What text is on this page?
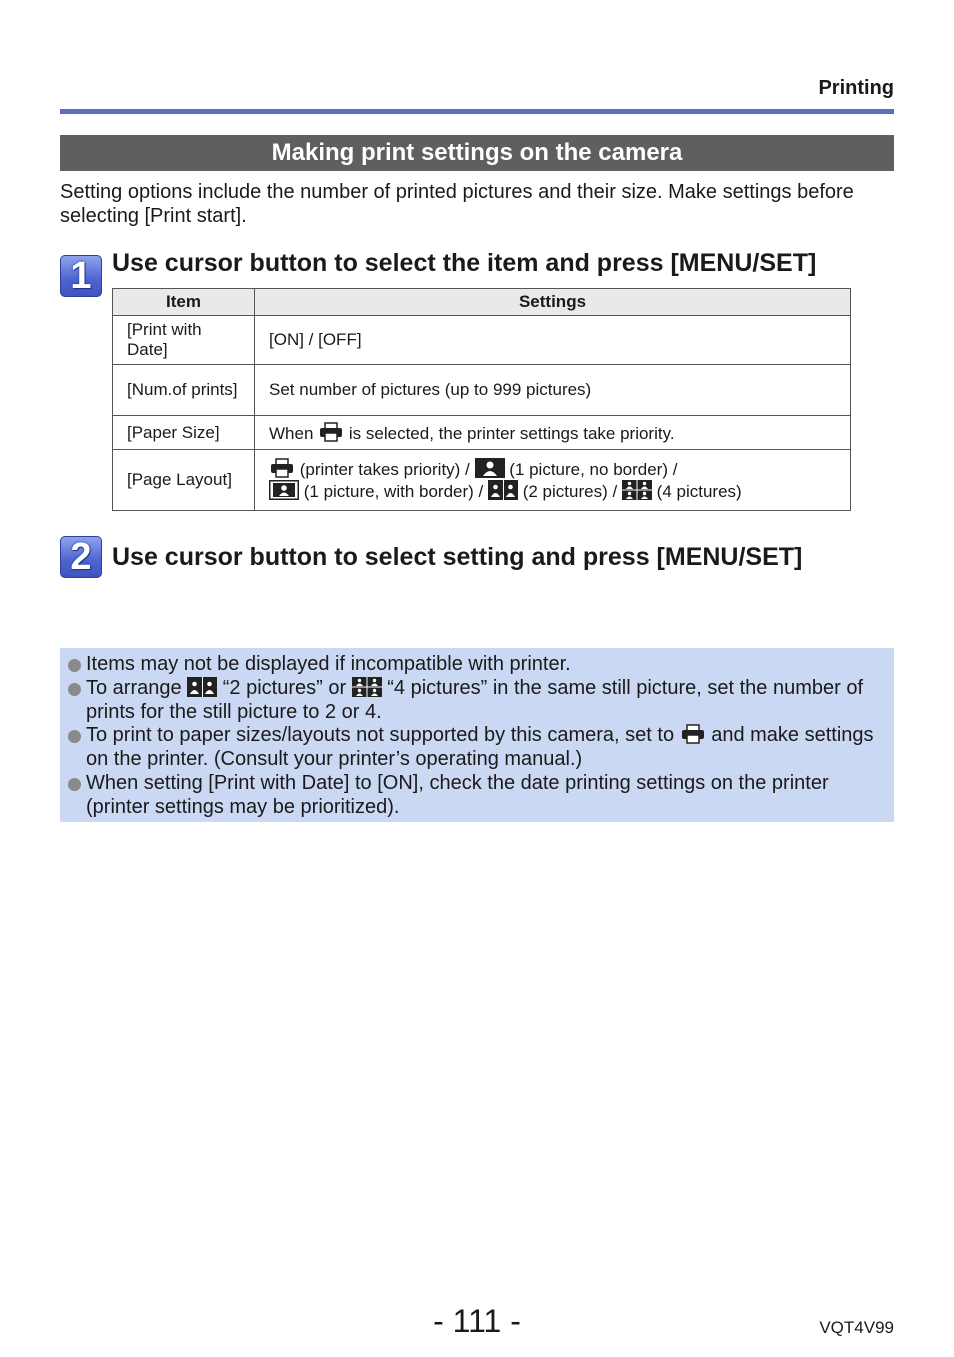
Printing
Making print settings on the camera
Setting options include the number of printed pictures and their size. Make settings before selecting [Print start].
1 Use cursor button to select the item and press [MENU/SET]
Item	Settings
[Print with Date]	[ON] / [OFF]
[Num.of prints]	Set number of pictures (up to 999 pictures)
[Paper Size]	When is selected, the printer settings take priority.
[Page Layout]	(printer takes priority) / (1 picture, no border) /
(1 picture, with border) / (2 pictures) / (4 pictures)
2 Use cursor button to select setting and press [MENU/SET]
Items may not be displayed if incompatible with printer.
To arrange “2 pictures” or “4 pictures” in the same still picture, set the number of prints for the still picture to 2 or 4.
To print to paper sizes/layouts not supported by this camera, set to and make settings on the printer. (Consult your printer’s operating manual.)
When setting [Print with Date] to [ON], check the date printing settings on the printer (printer settings may be prioritized).
- 111 -	VQT4V99
